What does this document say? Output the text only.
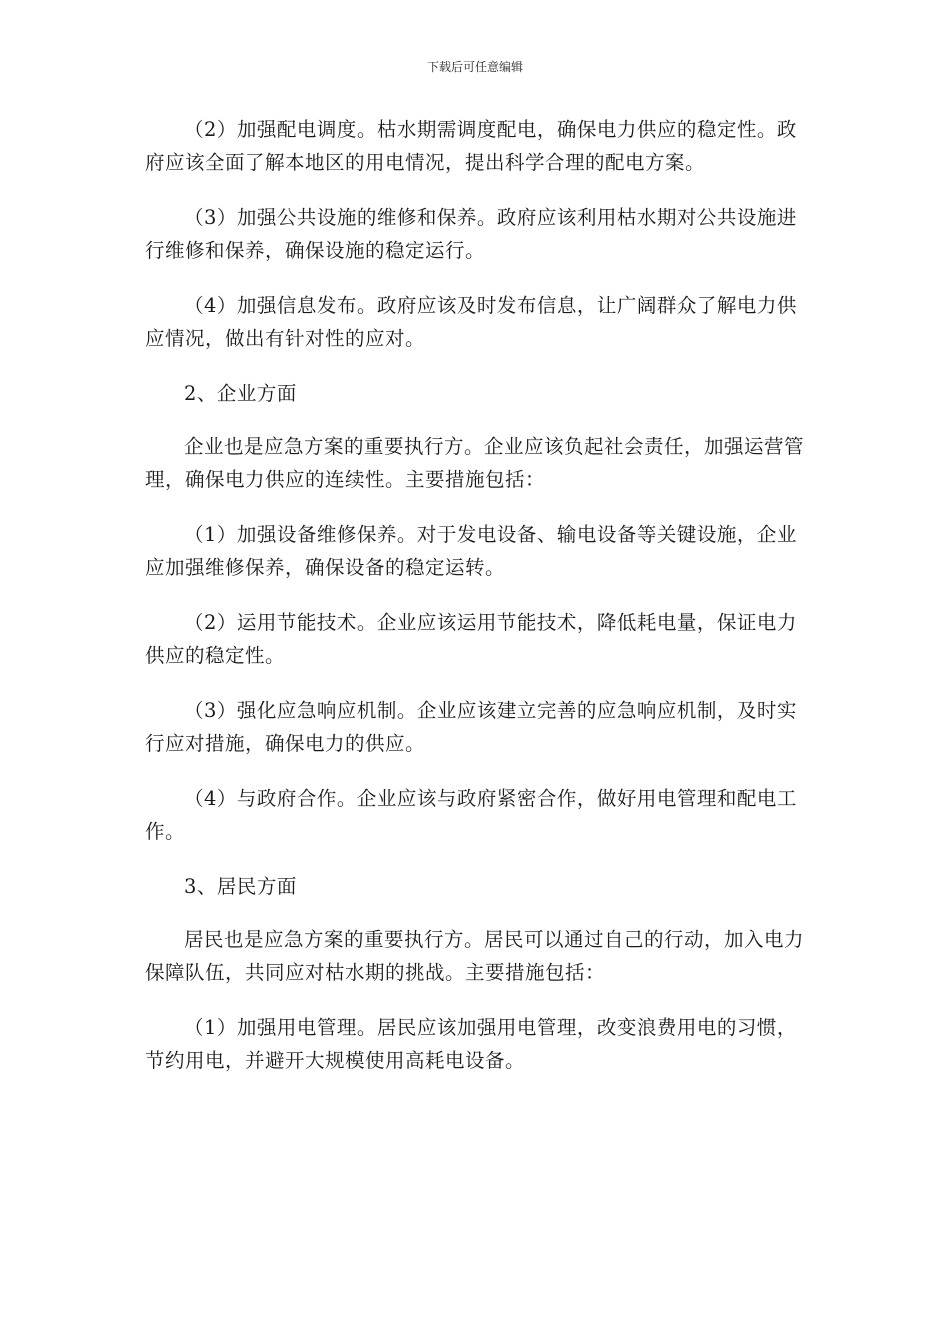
下载后可任意编辑

（2）加强配电调度。枯水期需调度配电，确保电力供应的稳定性。政府应该全面了解本地区的用电情况，提出科学合理的配电方案。

（3）加强公共设施的维修和保养。政府应该利用枯水期对公共设施进行维修和保养，确保设施的稳定运行。

（4）加强信息发布。政府应该及时发布信息，让广阔群众了解电力供应情况，做出有针对性的应对。

2、企业方面

企业也是应急方案的重要执行方。企业应该负起社会责任，加强运营管理，确保电力供应的连续性。主要措施包括：

（1）加强设备维修保养。对于发电设备、输电设备等关键设施，企业应加强维修保养，确保设备的稳定运转。

（2）运用节能技术。企业应该运用节能技术，降低耗电量，保证电力供应的稳定性。

（3）强化应急响应机制。企业应该建立完善的应急响应机制，及时实行应对措施，确保电力的供应。

（4）与政府合作。企业应该与政府紧密合作，做好用电管理和配电工作。

3、居民方面

居民也是应急方案的重要执行方。居民可以通过自己的行动，加入电力保障队伍，共同应对枯水期的挑战。主要措施包括：

（1）加强用电管理。居民应该加强用电管理，改变浪费用电的习惯，节约用电，并避开大规模使用高耗电设备。
